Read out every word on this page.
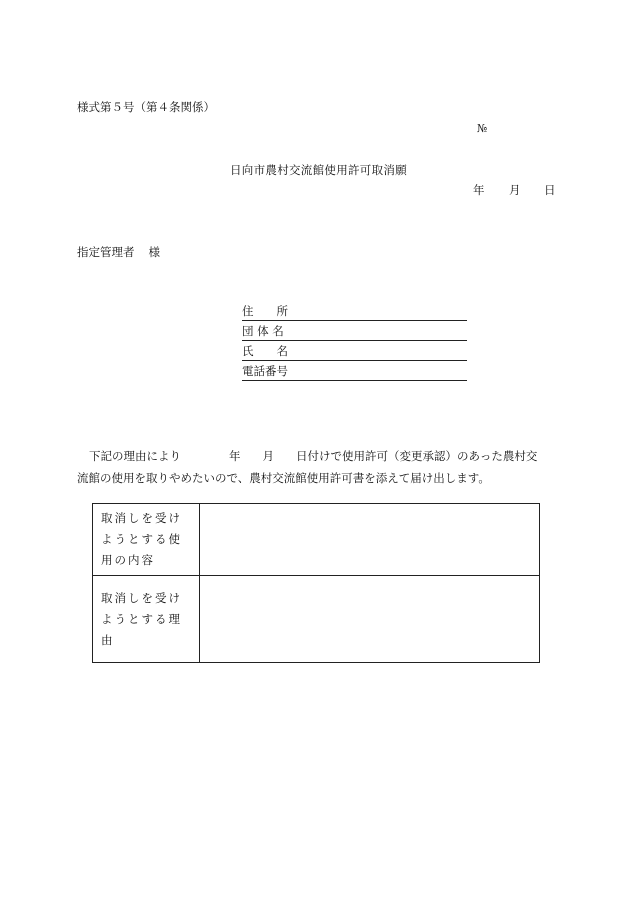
様式第５号（第４条関係）
№
日向市農村交流館使用許可取消願
年 月 日
指定管理者 様
住　　所
団 体 名
氏　　名
電話番号
下記の理由により	年 月 日付けで使用許可（変更承認）のあった農村交
流館の使用を取りやめたいので、農村交流館使用許可書を添えて届け出します。
取消しを受けようとする使用の内容	
取消しを受けようとする理由	
